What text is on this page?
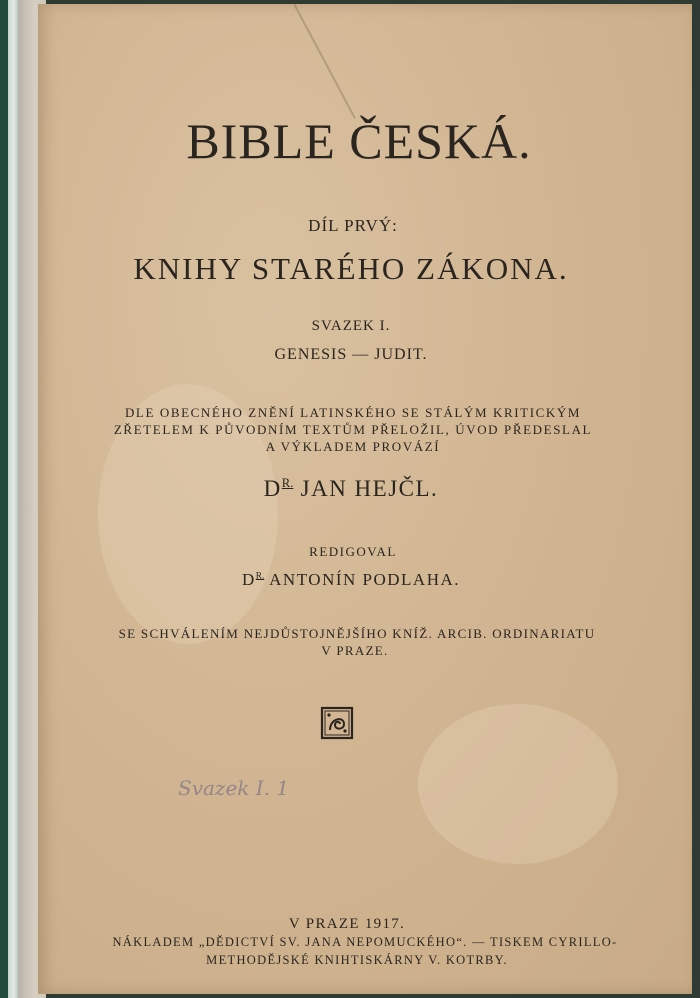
BIBLE ČESKÁ.
DÍL PRVÝ:
KNIHY STARÉHO ZÁKONA.
SVAZEK I.
GENESIS — JUDIT.
DLE OBECNÉHO ZNĚNÍ LATINSKÉHO SE STÁLÝM KRITICKÝM
ZŘETELEM K PŮVODNÍM TEXTŮM PŘELOŽIL, ÚVOD PŘEDESLAL
A VÝKLADEM PROVÁZÍ
$D^{R.}$ JAN HEJČL.
REDIGOVAL
$D^{R.}$ ANTONÍN PODLAHA.
SE SCHVÁLENÍM NEJDŮSTOJNĚJŠÍHO KNÍŽ. ARCIB. ORDINARIATU
V PRAZE.
Svazek I. 1
V PRAZE 1917.
NÁKLADEM „DĚDICTVÍ SV. JANA NEPOMUCKÉHO“. — TISKEM CYRILLO-
METHODĚJSKÉ KNIHTISKÁRNY V. KOTRBY.
